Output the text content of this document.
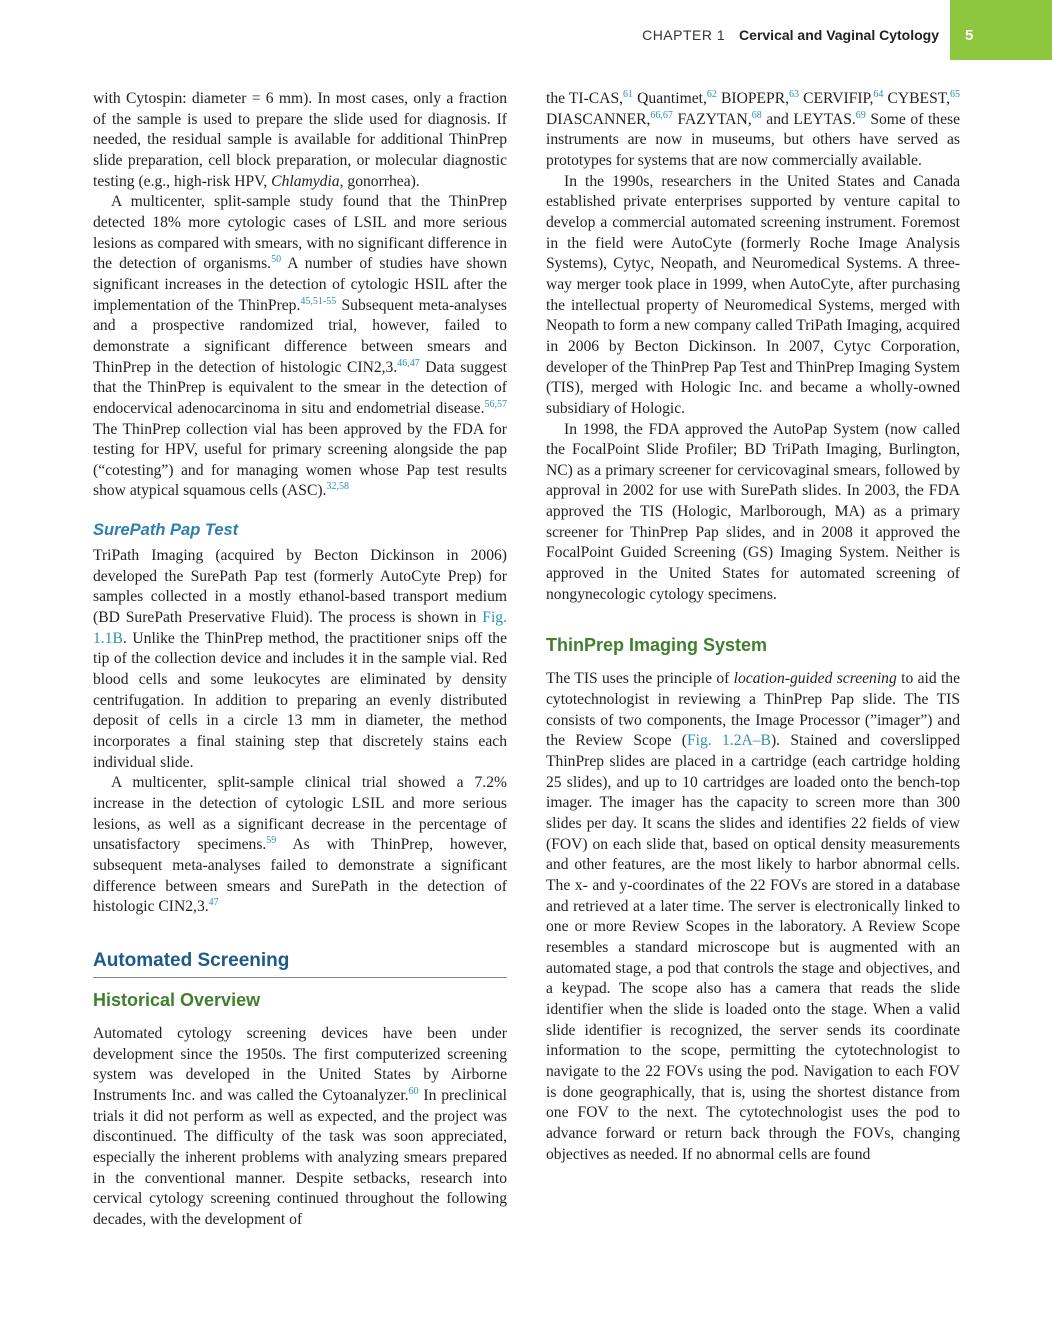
CHAPTER 1 Cervical and Vaginal Cytology	5

with Cytospin: diameter = 6 mm). In most cases, only a fraction of the sample is used to prepare the slide used for diagnosis. If needed, the residual sample is available for additional ThinPrep slide preparation, cell block preparation, or molecular diagnostic testing (e.g., high-risk HPV, Chlamydia, gonorrhea).

A multicenter, split-sample study found that the ThinPrep detected 18% more cytologic cases of LSIL and more serious lesions as compared with smears, with no significant difference in the detection of organisms.$^{50}$ A number of studies have shown significant increases in the detection of cytologic HSIL after the implementation of the ThinPrep.$^{45,51-55}$ Subsequent meta-analyses and a prospective randomized trial, however, failed to demonstrate a significant difference between smears and ThinPrep in the detection of histologic CIN2,3.$^{46,47}$ Data suggest that the ThinPrep is equivalent to the smear in the detection of endocervical adenocarcinoma in situ and endometrial disease.$^{56,57}$ The ThinPrep collection vial has been approved by the FDA for testing for HPV, useful for primary screening alongside the pap (“cotesting”) and for managing women whose Pap test results show atypical squamous cells (ASC).$^{32,58}$

SurePath Pap Test

TriPath Imaging (acquired by Becton Dickinson in 2006) developed the SurePath Pap test (formerly AutoCyte Prep) for samples collected in a mostly ethanol-based transport medium (BD SurePath Preservative Fluid). The process is shown in Fig. 1.1B. Unlike the ThinPrep method, the practitioner snips off the tip of the collection device and includes it in the sample vial. Red blood cells and some leukocytes are eliminated by density centrifugation. In addition to preparing an evenly distributed deposit of cells in a circle 13 mm in diameter, the method incorporates a final staining step that discretely stains each individual slide.

A multicenter, split-sample clinical trial showed a 7.2% increase in the detection of cytologic LSIL and more serious lesions, as well as a significant decrease in the percentage of unsatisfactory specimens.$^{59}$ As with ThinPrep, however, subsequent meta-analyses failed to demonstrate a significant difference between smears and SurePath in the detection of histologic CIN2,3.47

Automated Screening
Historical Overview

Automated cytology screening devices have been under development since the 1950s. The first computerized screening system was developed in the United States by Airborne Instruments Inc. and was called the Cytoanalyzer.$^{60}$ In preclinical trials it did not perform as well as expected, and the project was discontinued. The difficulty of the task was soon appreciated, especially the inherent problems with analyzing smears prepared in the conventional manner. Despite setbacks, research into cervical cytology screening continued throughout the following decades, with the development of

the TI-CAS,$^{61}$ Quantimet,$^{62}$ BIOPEPR,$^{63}$ CERVIFIP,$^{64}$ CYBEST,$^{65}$ DIASCANNER,$^{66,67}$ FAZYTAN,$^{68}$ and LEYTAS.$^{69}$ Some of these instruments are now in museums, but others have served as prototypes for systems that are now commercially available.

In the 1990s, researchers in the United States and Canada established private enterprises supported by venture capital to develop a commercial automated screening instrument. Foremost in the field were AutoCyte (formerly Roche Image Analysis Systems), Cytyc, Neopath, and Neuromedical Systems. A three-way merger took place in 1999, when AutoCyte, after purchasing the intellectual property of Neuromedical Systems, merged with Neopath to form a new company called TriPath Imaging, acquired in 2006 by Becton Dickinson. In 2007, Cytyc Corporation, developer of the ThinPrep Pap Test and ThinPrep Imaging System (TIS), merged with Hologic Inc. and became a wholly-owned subsidiary of Hologic.

In 1998, the FDA approved the AutoPap System (now called the FocalPoint Slide Profiler; BD TriPath Imaging, Burlington, NC) as a primary screener for cervicovaginal smears, followed by approval in 2002 for use with SurePath slides. In 2003, the FDA approved the TIS (Hologic, Marlborough, MA) as a primary screener for ThinPrep Pap slides, and in 2008 it approved the FocalPoint Guided Screening (GS) Imaging System. Neither is approved in the United States for automated screening of nongynecologic cytology specimens.

ThinPrep Imaging System

The TIS uses the principle of location-guided screening to aid the cytotechnologist in reviewing a ThinPrep Pap slide. The TIS consists of two components, the Image Processor (”imager”) and the Review Scope (Fig. 1.2A–B). Stained and coverslipped ThinPrep slides are placed in a cartridge (each cartridge holding 25 slides), and up to 10 cartridges are loaded onto the bench-top imager. The imager has the capacity to screen more than 300 slides per day. It scans the slides and identifies 22 fields of view (FOV) on each slide that, based on optical density measurements and other features, are the most likely to harbor abnormal cells. The x- and y-coordinates of the 22 FOVs are stored in a database and retrieved at a later time. The server is electronically linked to one or more Review Scopes in the laboratory. A Review Scope resembles a standard microscope but is augmented with an automated stage, a pod that controls the stage and objectives, and a keypad. The scope also has a camera that reads the slide identifier when the slide is loaded onto the stage. When a valid slide identifier is recognized, the server sends its coordinate information to the scope, permitting the cytotechnologist to navigate to the 22 FOVs using the pod. Navigation to each FOV is done geographically, that is, using the shortest distance from one FOV to the next. The cytotechnologist uses the pod to advance forward or return back through the FOVs, changing objectives as needed. If no abnormal cells are found
